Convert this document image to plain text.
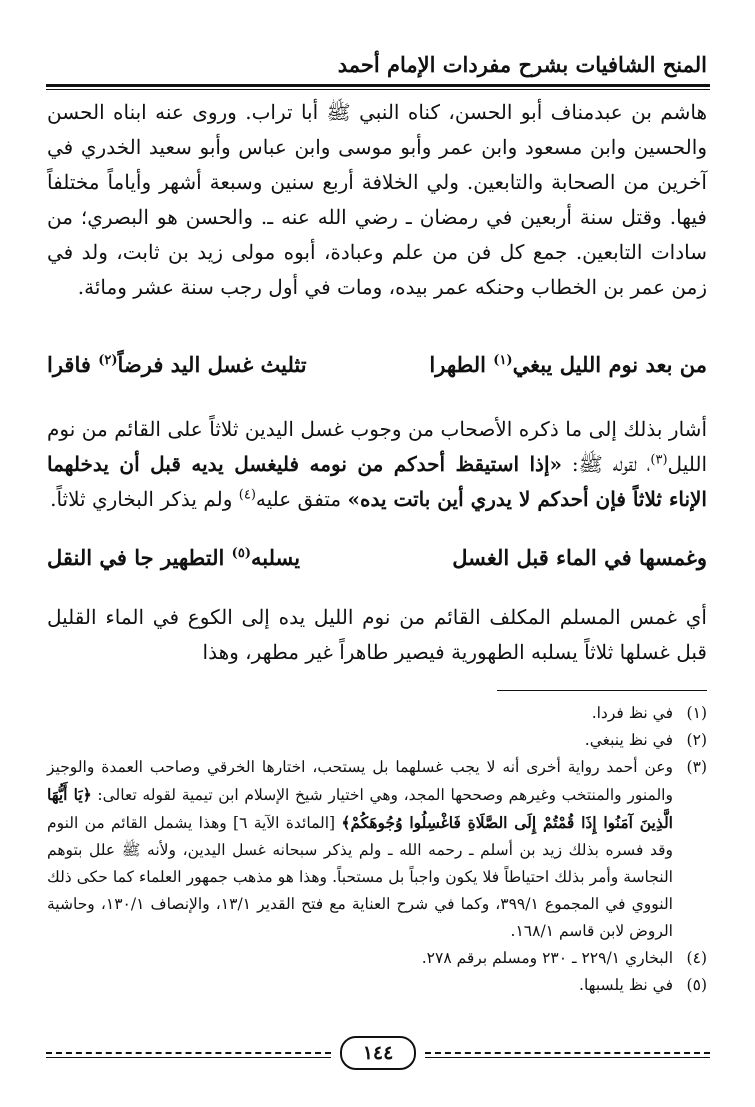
المنح الشافيات بشرح مفردات الإمام أحمد
هاشم بن عبدمناف أبو الحسن، كناه النبي ﷺ أبا تراب. وروى عنه ابناه الحسن والحسين وابن مسعود وابن عمر وأبو موسى وابن عباس وأبو سعيد الخدري في آخرين من الصحابة والتابعين. ولي الخلافة أربع سنين وسبعة أشهر وأياماً مختلفاً فيها. وقتل سنة أربعين في رمضان ـ رضي الله عنه ـ. والحسن هو البصري؛ من سادات التابعين. جمع كل فن من علم وعبادة، أبوه مولى زيد بن ثابت، ولد في زمن عمر بن الخطاب وحنكه عمر بيده، ومات في أول رجب سنة عشر ومائة.
من بعد نوم الليل يبغي$^{(١)}$ الطهرا
تثليث غسل اليد فرضاً$^{(٢)}$ فاقرا
أشار بذلك إلى ما ذكره الأصحاب من وجوب غسل اليدين ثلاثاً على القائم من نوم الليل$^{(٣)}$، لقوله ﷺ: «إذا استيقظ أحدكم من نومه فليغسل يديه قبل أن يدخلهما الإناء ثلاثاً فإن أحدكم لا يدري أين باتت يده» متفق عليه$^{(٤)}$ ولم يذكر البخاري ثلاثاً.
وغمسها في الماء قبل الغسل
يسلبه$^{(٥)}$ التطهير جا في النقل
أي غمس المسلم المكلف القائم من نوم الليل يده إلى الكوع في الماء القليل قبل غسلها ثلاثاً يسلبه الطهورية فيصير طاهراً غير مطهر، وهذا
(١)
في نظ فردا.
(٢)
في نظ ينبغي.
(٣)
وعن أحمد رواية أخرى أنه لا يجب غسلهما بل يستحب، اختارها الخرقي وصاحب العمدة والوجيز والمنور والمنتخب وغيرهم وصححها المجد، وهي اختيار شيخ الإسلام ابن تيمية لقوله تعالى: ﴿يَا أَيُّهَا الَّذِينَ آمَنُوا إِذَا قُمْتُمْ إِلَى الصَّلَاةِ فَاغْسِلُوا وُجُوهَكُمْ﴾ [المائدة الآية ٦] وهذا يشمل القائم من النوم وقد فسره بذلك زيد بن أسلم ـ رحمه الله ـ ولم يذكر سبحانه غسل اليدين، ولأنه ﷺ علل بتوهم النجاسة وأمر بذلك احتياطاً فلا يكون واجباً بل مستحباً. وهذا هو مذهب جمهور العلماء كما حكى ذلك النووي في المجموع ٣٩٩/١، وكما في شرح العناية مع فتح القدير ١٣/١، والإنصاف ١٣٠/١، وحاشية الروض لابن قاسم ١٦٨/١.
(٤)
البخاري ٢٢٩/١ ـ ٢٣٠ ومسلم برقم ٢٧٨.
(٥)
في نظ يلسبها.
١٤٤
